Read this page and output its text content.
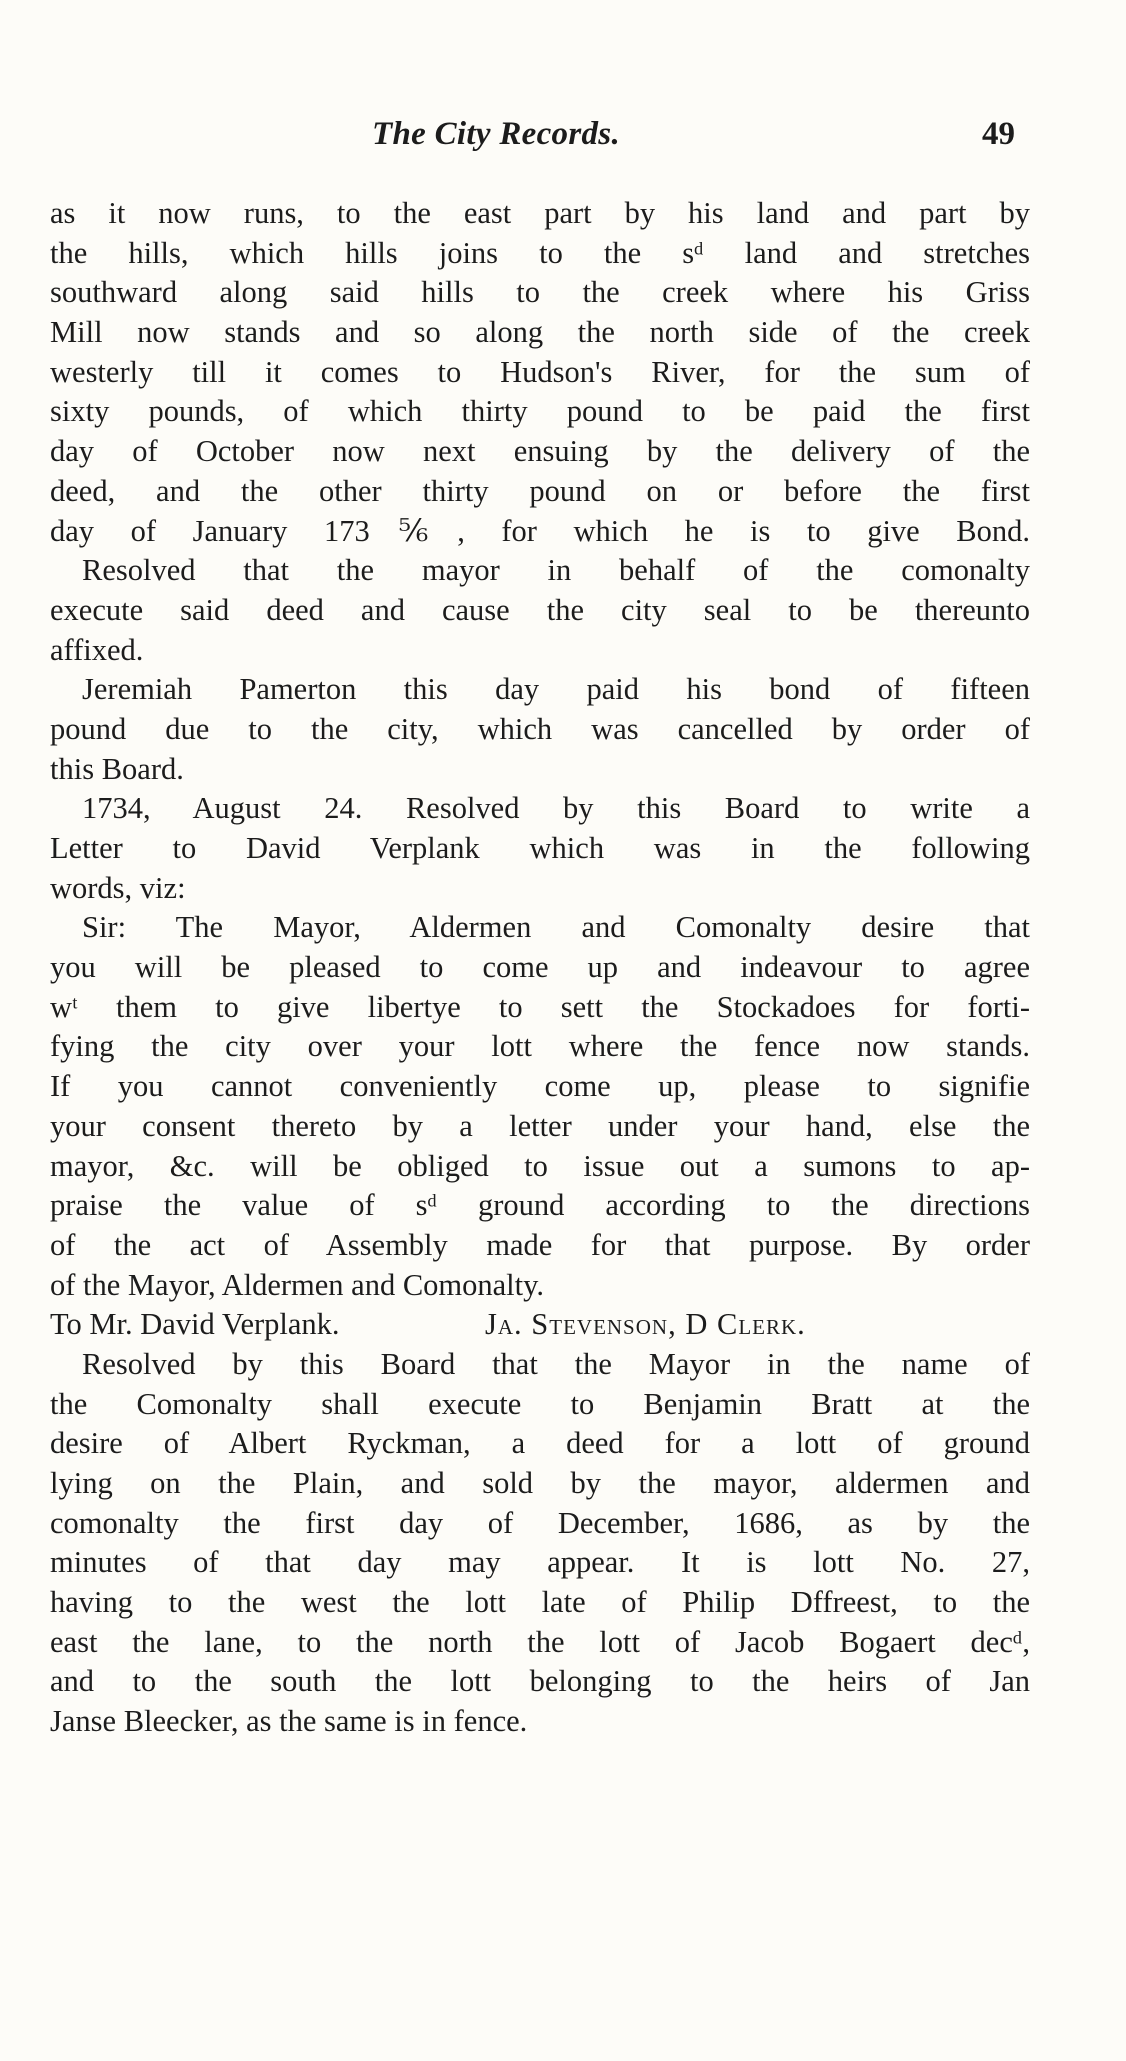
The City Records.	49
as it now runs, to the east part by his land and part by
the hills, which hills joins to the sᵈ land and stretches
southward along said hills to the creek where his Griss
Mill now stands and so along the north side of the creek
westerly till it comes to Hudson's River, for the sum of
sixty pounds, of which thirty pound to be paid the first
day of October now next ensuing by the delivery of the
deed, and the other thirty pound on or before the first
day of January 173⅚, for which he is to give Bond.
Resolved that the mayor in behalf of the comonalty
execute said deed and cause the city seal to be thereunto
affixed.
Jeremiah Pamerton this day paid his bond of fifteen
pound due to the city, which was cancelled by order of
this Board.
1734, August 24. Resolved by this Board to write a
Letter to David Verplank which was in the following
words, viz:
Sir: The Mayor, Aldermen and Comonalty desire that
you will be pleased to come up and indeavour to agree
wᵗ them to give libertye to sett the Stockadoes for forti-
fying the city over your lott where the fence now stands.
If you cannot conveniently come up, please to signifie
your consent thereto by a letter under your hand, else the
mayor, &c. will be obliged to issue out a sumons to ap-
praise the value of sᵈ ground according to the directions
of the act of Assembly made for that purpose. By order
of the Mayor, Aldermen and Comonalty.
To Mr. David Verplank.	Ja. Stevenson, D Clerk.
Resolved by this Board that the Mayor in the name of
the Comonalty shall execute to Benjamin Bratt at the
desire of Albert Ryckman, a deed for a lott of ground
lying on the Plain, and sold by the mayor, aldermen and
comonalty the first day of December, 1686, as by the
minutes of that day may appear. It is lott No. 27,
having to the west the lott late of Philip Dffreest, to the
east the lane, to the north the lott of Jacob Bogaert decᵈ,
and to the south the lott belonging to the heirs of Jan
Janse Bleecker, as the same is in fence.
